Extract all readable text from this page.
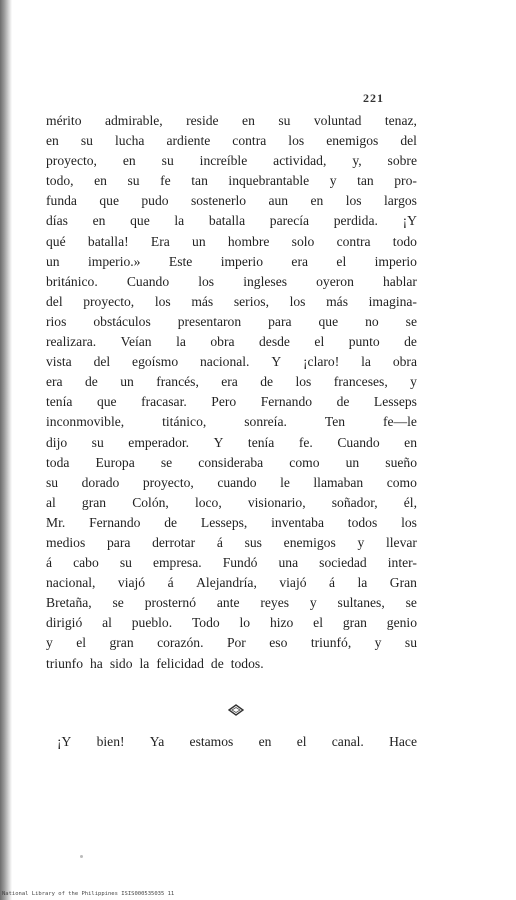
221
mérito admirable, reside en su voluntad tenaz,
en su lucha ardiente contra los enemigos del
proyecto, en su increíble actividad, y, sobre
todo, en su fe tan inquebrantable y tan pro-
funda que pudo sostenerlo aun en los largos
días en que la batalla parecía perdida. ¡Y
qué batalla! Era un hombre solo contra todo
un imperio.» Este imperio era el imperio
británico. Cuando los ingleses oyeron hablar
del proyecto, los más serios, los más imagina-
rios obstáculos presentaron para que no se
realizara. Veían la obra desde el punto de
vista del egoísmo nacional. Y ¡claro! la obra
era de un francés, era de los franceses, y
tenía que fracasar. Pero Fernando de Lesseps
inconmovible,	titánico,	sonreía.	Ten	fe—le
dijo su emperador. Y tenía fe. Cuando en
toda Europa se consideraba como un sueño
su dorado proyecto, cuando le llamaban como
al gran Colón, loco, visionario, soñador, él,
Mr. Fernando de Lesseps, inventaba todos los
medios para derrotar á sus enemigos y llevar
á cabo su empresa. Fundó una sociedad inter-
nacional, viajó á Alejandría, viajó á la Gran
Bretaña, se prosternó ante reyes y sultanes, se
dirigió al pueblo. Todo lo hizo el gran genio
y el gran corazón. Por eso triunfó, y su
triunfo ha sido la felicidad de todos.
¡Y bien! Ya estamos en el canal. Hace
National Library of the Philippines ISIS000535035 11
